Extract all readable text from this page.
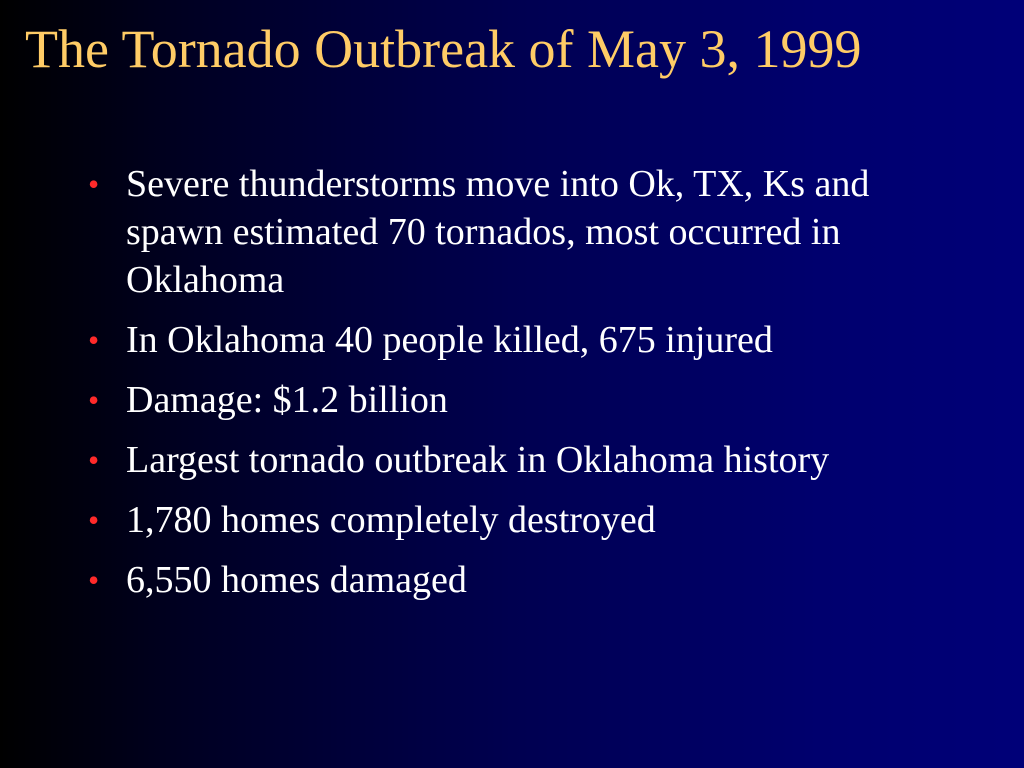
The Tornado Outbreak of May 3, 1999
• Severe thunderstorms move into Ok, TX, Ks and spawn estimated 70 tornados, most occurred in Oklahoma
• In Oklahoma 40 people killed, 675 injured
• Damage: $1.2 billion
• Largest tornado outbreak in Oklahoma history
• 1,780 homes completely destroyed
• 6,550 homes damaged
